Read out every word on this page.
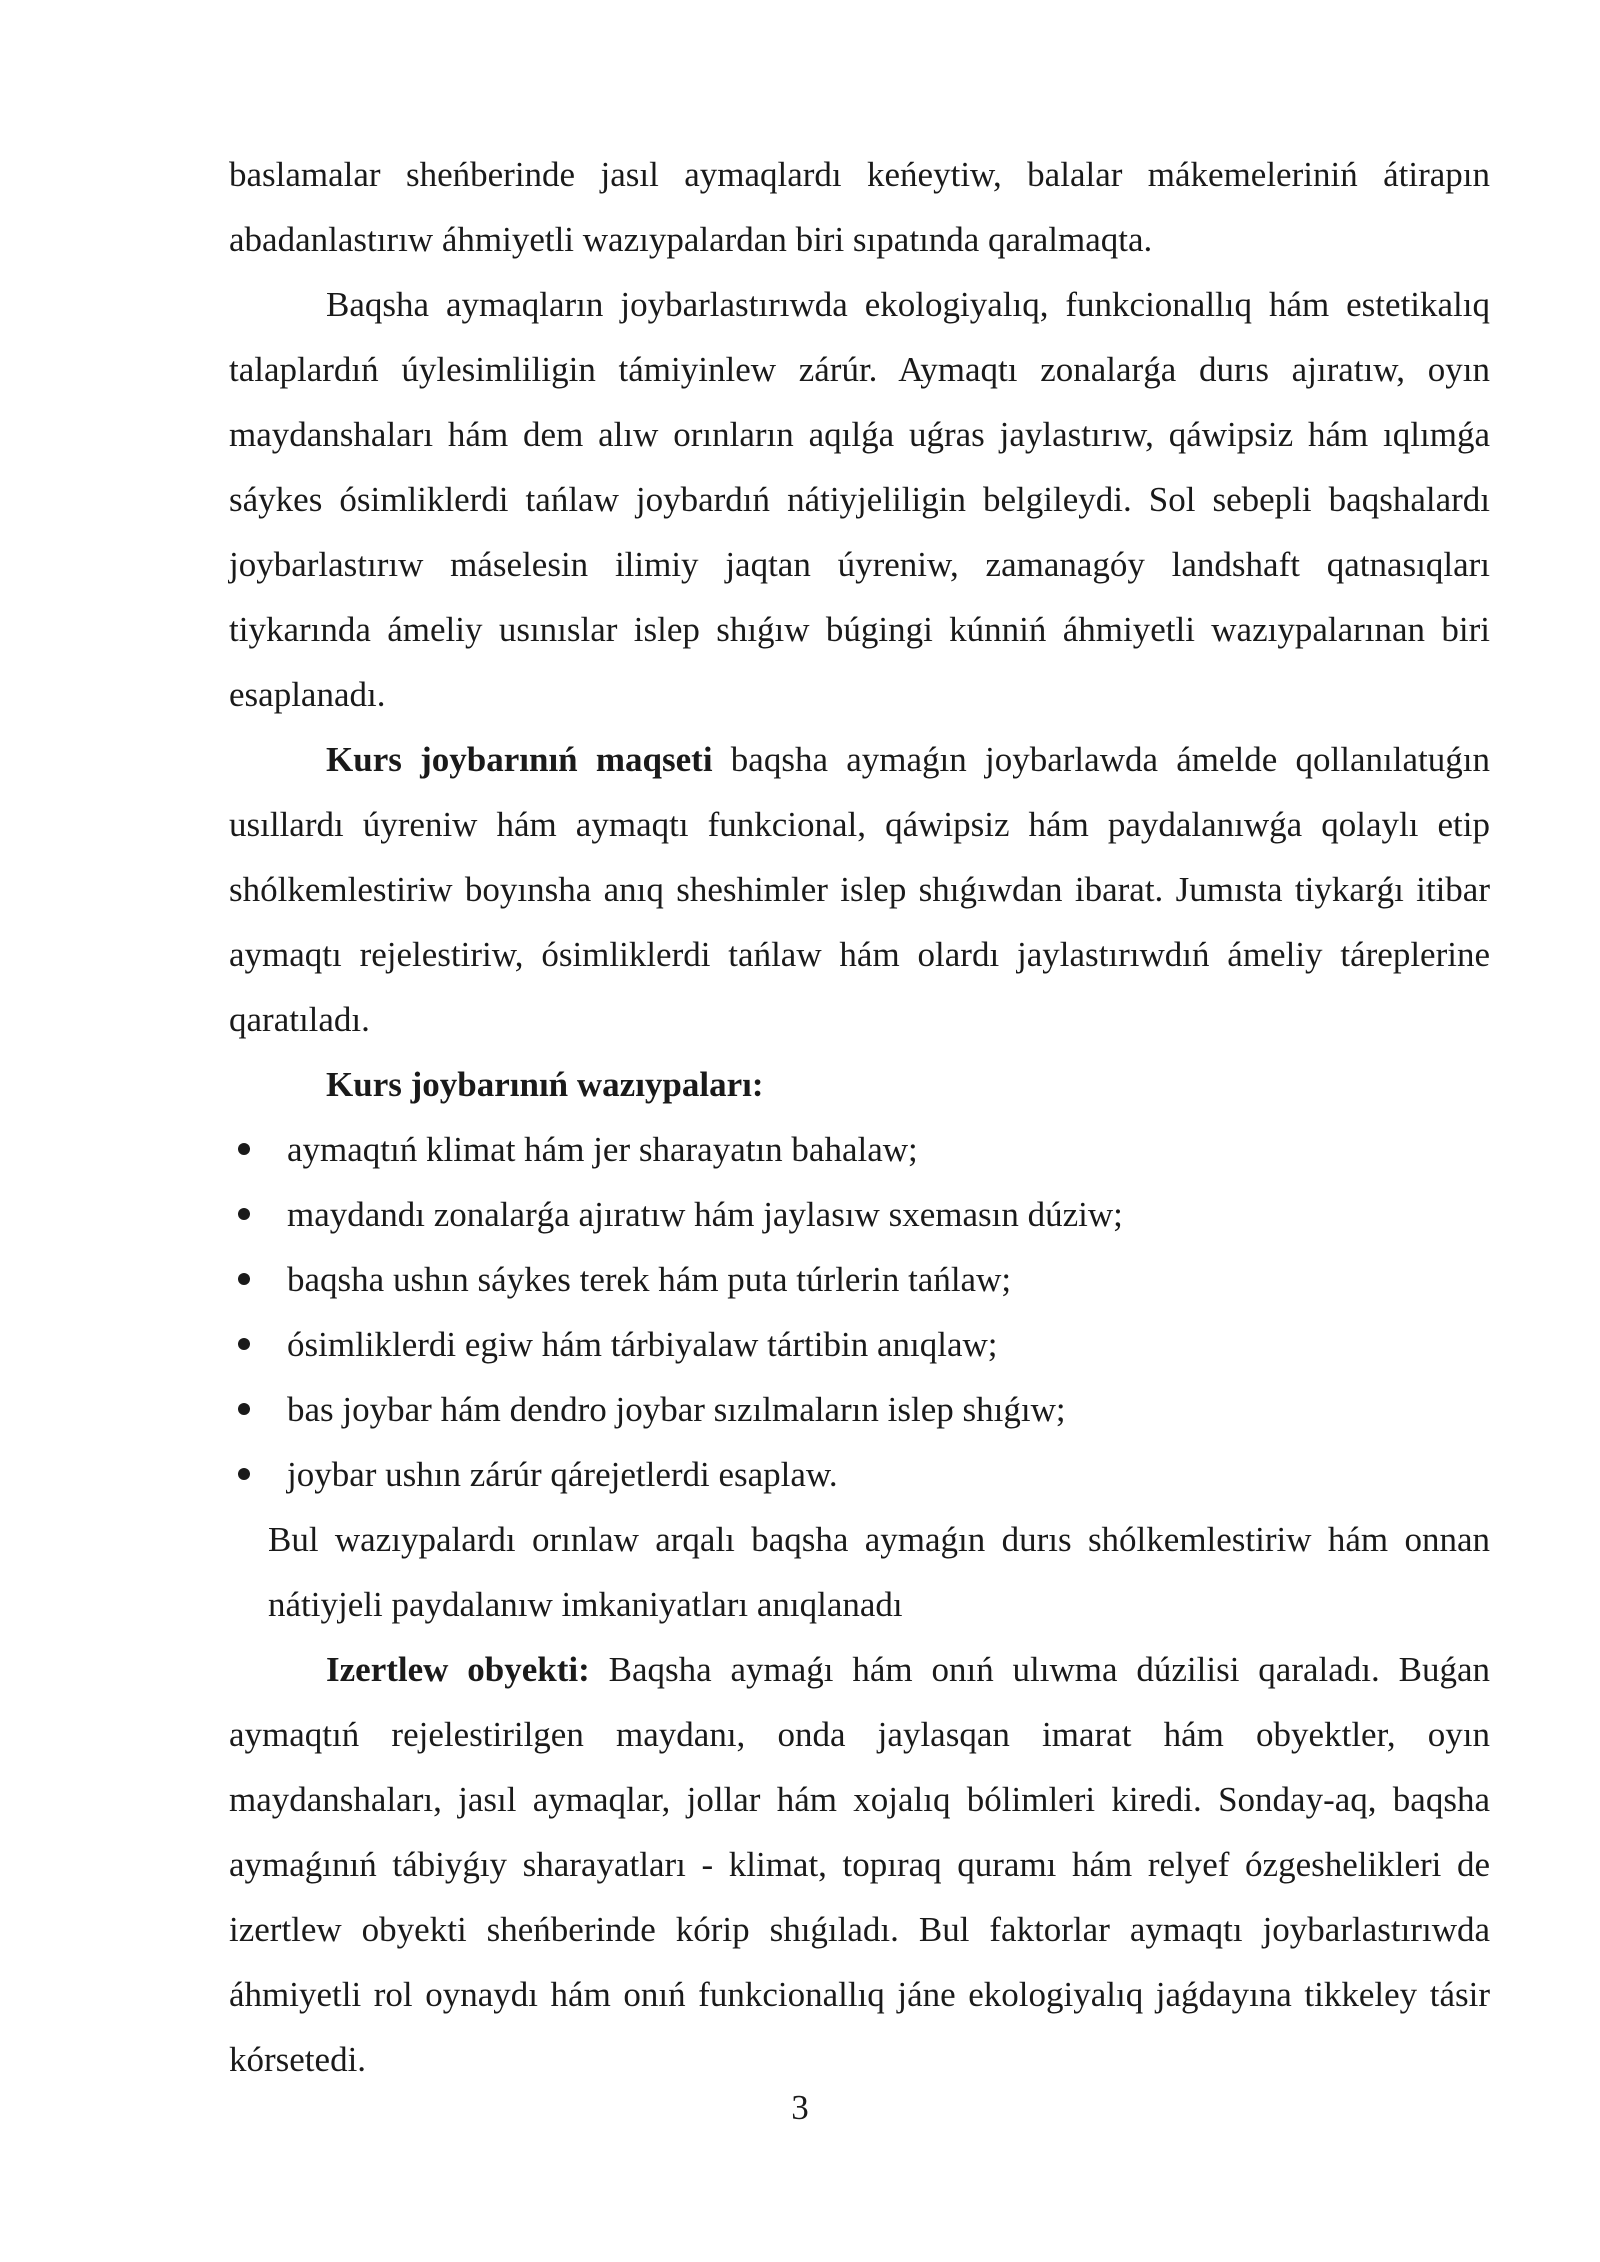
baslamalar sheńberinde jasıl aymaqlardı keńeytiw, balalar mákemeleriniń átirapın abadanlastırıw áhmiyetli wazıypalardan biri sıpatında qaralmaqta.

Baqsha aymaqların joybarlastırıwda ekologiyalıq, funkcionallıq hám estetikalıq talaplardıń úylesimliligin támiyinlew zárúr. Aymaqtı zonalarǵa durıs ajıratıw, oyın maydanshaları hám dem alıw orınların aqılǵa uǵras jaylastırıw, qáwipsiz hám ıqlımǵa sáykes ósimliklerdi tańlaw joybardıń nátiyjeliligin belgileydi. Sol sebepli baqshalardı joybarlastırıw máselesin ilimiy jaqtan úyreniw, zamanagóy landshaft qatnasıqları tiykarında ámeliy usınıslar islep shıǵıw búgingi kúnniń áhmiyetli wazıypalarınan biri esaplanadı.

Kurs joybarınıń maqseti baqsha aymaǵın joybarlawda ámelde qollanılatuǵın usıllardı úyreniw hám aymaqtı funkcional, qáwipsiz hám paydalanıwǵa qolaylı etip shólkemlestiriw boyınsha anıq sheshimler islep shıǵıwdan ibarat. Jumısta tiykarǵı itibar aymaqtı rejelestiriw, ósimliklerdi tańlaw hám olardı jaylastırıwdıń ámeliy táreplerine qaratıladı.

Kurs joybarınıń wazıypaları:

aymaqtıń klimat hám jer sharayatın bahalaw;
maydandı zonalarǵa ajıratıw hám jaylasıw sxemasın dúziw;
baqsha ushın sáykes terek hám puta túrlerin tańlaw;
ósimliklerdi egiw hám tárbiyalaw tártibin anıqlaw;
bas joybar hám dendro joybar sızılmaların islep shıǵıw;
joybar ushın zárúr qárejetlerdi esaplaw.

Bul wazıypalardı orınlaw arqalı baqsha aymaǵın durıs shólkemlestiriw hám onnan nátiyjeli paydalanıw imkaniyatları anıqlanadı

Izertlew obyekti: Baqsha aymaǵı hám onıń ulıwma dúzilisi qaraladı. Buǵan aymaqtıń rejelestirilgen maydanı, onda jaylasqan imarat hám obyektler, oyın maydanshaları, jasıl aymaqlar, jollar hám xojalıq bólimleri kiredi. Sonday-aq, baqsha aymaǵınıń tábiyǵıy sharayatları - klimat, topıraq quramı hám relyef ózgeshelikleri de izertlew obyekti sheńberinde kórip shıǵıladı. Bul faktorlar aymaqtı joybarlastırıwda áhmiyetli rol oynaydı hám onıń funkcionallıq jáne ekologiyalıq jaǵdayına tikkeley tásir kórsetedi.

3
